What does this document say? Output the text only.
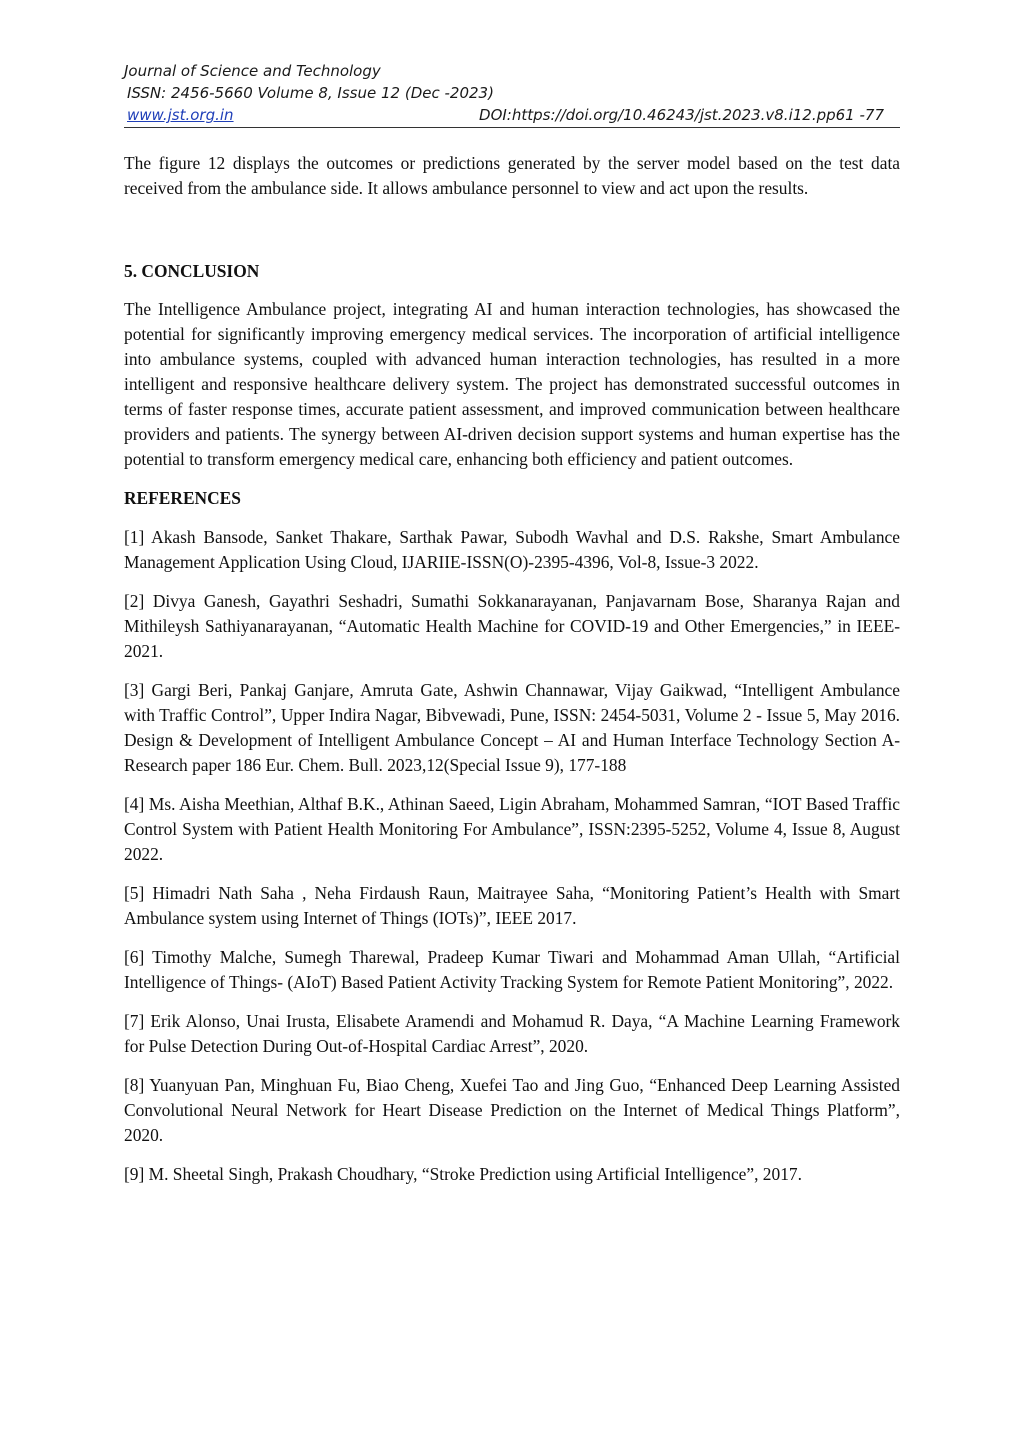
Journal of Science and Technology
ISSN: 2456-5660 Volume 8, Issue 12 (Dec -2023)
www.jst.org.in	DOI:https://doi.org/10.46243/jst.2023.v8.i12.pp61 -77

The figure 12 displays the outcomes or predictions generated by the server model based on the test data received from the ambulance side. It allows ambulance personnel to view and act upon the results.

5. CONCLUSION

The Intelligence Ambulance project, integrating AI and human interaction technologies, has showcased the potential for significantly improving emergency medical services. The incorporation of artificial intelligence into ambulance systems, coupled with advanced human interaction technologies, has resulted in a more intelligent and responsive healthcare delivery system. The project has demonstrated successful outcomes in terms of faster response times, accurate patient assessment, and improved communication between healthcare providers and patients. The synergy between AI-driven decision support systems and human expertise has the potential to transform emergency medical care, enhancing both efficiency and patient outcomes.

REFERENCES

[1] Akash Bansode, Sanket Thakare, Sarthak Pawar, Subodh Wavhal and D.S. Rakshe, Smart Ambulance Management Application Using Cloud, IJARIIE-ISSN(O)-2395-4396, Vol-8, Issue-3 2022.

[2] Divya Ganesh, Gayathri Seshadri, Sumathi Sokkanarayanan, Panjavarnam Bose, Sharanya Rajan and Mithileysh Sathiyanarayanan, “Automatic Health Machine for COVID-19 and Other Emergencies,” in IEEE-2021.

[3] Gargi Beri, Pankaj Ganjare, Amruta Gate, Ashwin Channawar, Vijay Gaikwad, “Intelligent Ambulance with Traffic Control”, Upper Indira Nagar, Bibvewadi, Pune, ISSN: 2454-5031, Volume 2 - Issue 5, May 2016. Design & Development of Intelligent Ambulance Concept – AI and Human Interface Technology Section A-Research paper 186 Eur. Chem. Bull. 2023,12(Special Issue 9), 177-188

[4] Ms. Aisha Meethian, Althaf B.K., Athinan Saeed, Ligin Abraham, Mohammed Samran, “IOT Based Traffic Control System with Patient Health Monitoring For Ambulance”, ISSN:2395-5252, Volume 4, Issue 8, August 2022.

[5] Himadri Nath Saha , Neha Firdaush Raun, Maitrayee Saha, “Monitoring Patient’s Health with Smart Ambulance system using Internet of Things (IOTs)”, IEEE 2017.

[6] Timothy Malche, Sumegh Tharewal, Pradeep Kumar Tiwari and Mohammad Aman Ullah, “Artificial Intelligence of Things- (AIoT) Based Patient Activity Tracking System for Remote Patient Monitoring”, 2022.

[7] Erik Alonso, Unai Irusta, Elisabete Aramendi and Mohamud R. Daya, “A Machine Learning Framework for Pulse Detection During Out-of-Hospital Cardiac Arrest”, 2020.

[8] Yuanyuan Pan, Minghuan Fu, Biao Cheng, Xuefei Tao and Jing Guo, “Enhanced Deep Learning Assisted Convolutional Neural Network for Heart Disease Prediction on the Internet of Medical Things Platform”, 2020.

[9] M. Sheetal Singh, Prakash Choudhary, “Stroke Prediction using Artificial Intelligence”, 2017.
